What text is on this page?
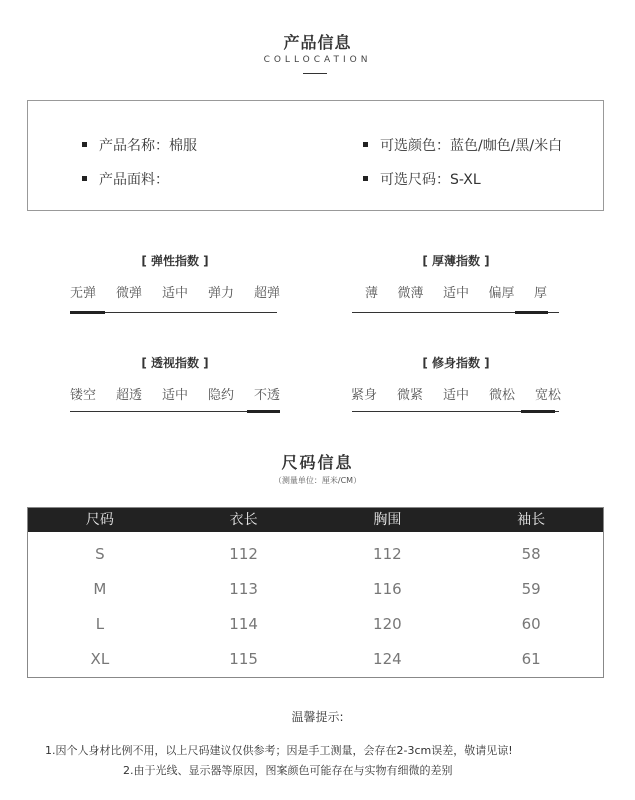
产品信息
COLLOCATION
产品名称：棉服
产品面料：
可选颜色：蓝色/咖色/黑/米白
可选尺码：S-XL
[ 弹性指数 ]
无弹 微弹 适中 弹力 超弹
[ 厚薄指数 ]
薄 微薄 适中 偏厚 厚
[ 透视指数 ]
镂空 超透 适中 隐约 不透
[ 修身指数 ]
紧身 微紧 适中 微松 宽松
尺码信息
（测量单位：厘米/CM）
尺码	衣长	胸围	袖长
S	112	112	58
M	113	116	59
L	114	120	60
XL	115	124	61
温馨提示:
1.因个人身材比例不用，以上尺码建议仅供参考；因是手工测量，会存在2-3cm误差，敬请见谅!
2.由于光线、显示器等原因，图案颜色可能存在与实物有细微的差别
